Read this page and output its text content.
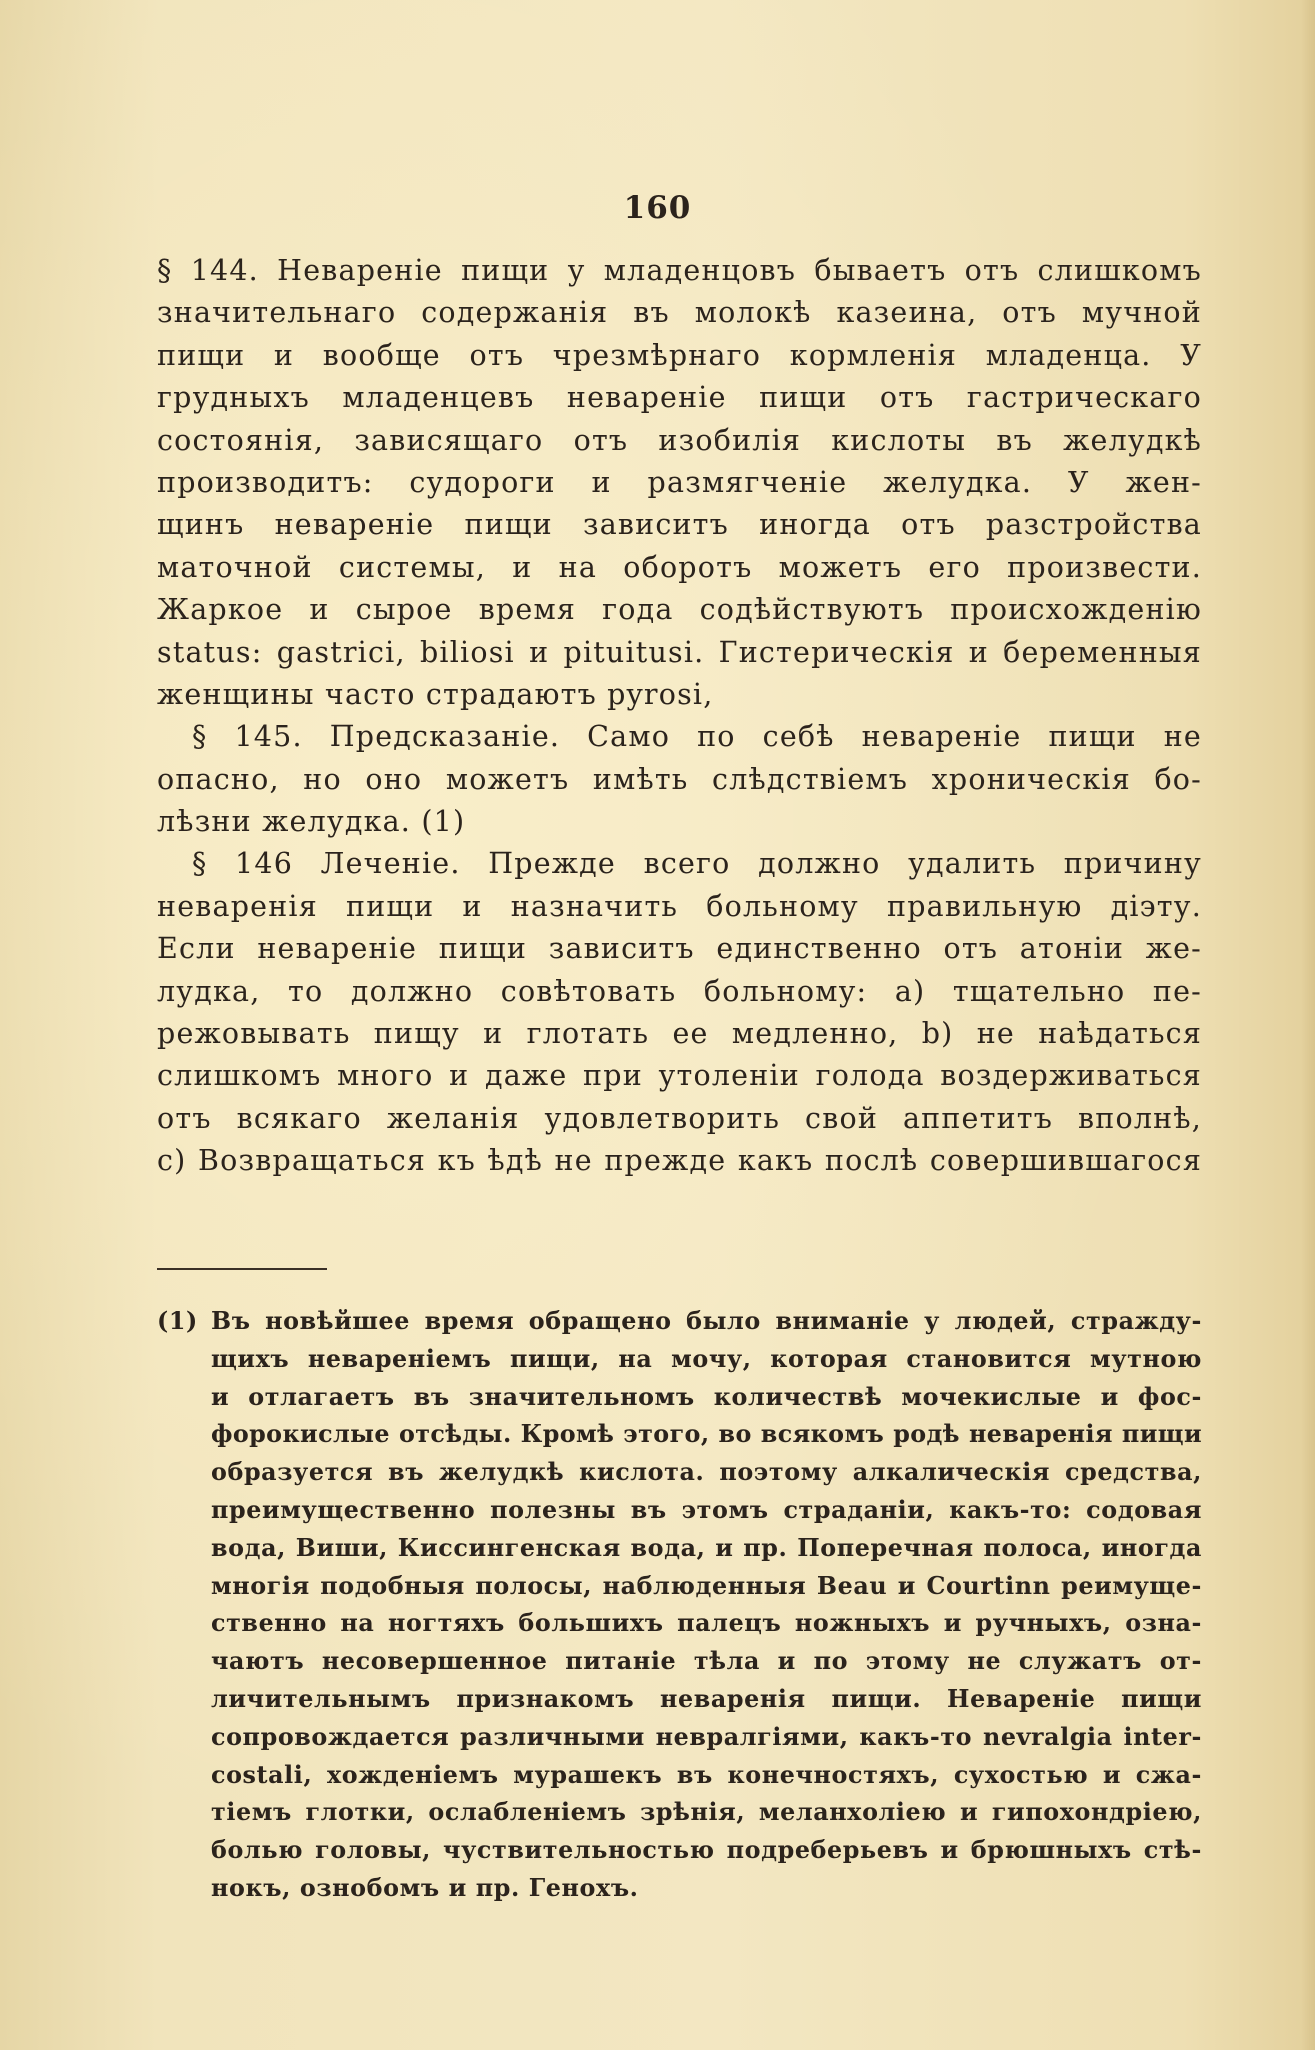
160
§ 144. Невареніе пищи у младенцовъ бываетъ отъ слишкомъ
значительнаго содержанія въ молокѣ казеина, отъ мучной
пищи и вообще отъ чрезмѣрнаго кормленія младенца. У
грудныхъ младенцевъ невареніе пищи отъ гастрическаго
состоянія, зависящаго отъ изобилія кислоты въ желудкѣ
производитъ: судороги и размягченіе желудка. У жен-
щинъ невареніе пищи зависитъ иногда отъ разстройства
маточной системы, и на оборотъ можетъ его произвести.
Жаркое и сырое время года содѣйствуютъ происхожденію
status: gastrici, biliosi и pituitusi. Гистерическія и беременныя
женщины часто страдаютъ pyrosi,
§ 145. Предсказаніе. Само по себѣ невареніе пищи не
опасно, но оно можетъ имѣть слѣдствіемъ хроническія бо-
лѣзни желудка. (1)
§ 146 Леченіе. Прежде всего должно удалить причину
неваренія пищи и назначить больному правильную діэту.
Если невареніе пищи зависитъ единственно отъ атоніи же-
лудка, то должно совѣтовать больному: а) тщательно пе-
режовывать пищу и глотать ее медленно, b) не наѣдаться
слишкомъ много и даже при утоленіи голода воздерживаться
отъ всякаго желанія удовлетворить свой аппетитъ вполнѣ,
с) Возвращаться къ ѣдѣ не прежде какъ послѣ совершившагося
(1) Въ новѣйшее время обращено было вниманіе у людей, стражду-
щихъ невареніемъ пищи, на мочу, которая становится мутною
и отлагаетъ въ значительномъ количествѣ мочекислые и фос-
форокислые отсѣды. Кромѣ этого, во всякомъ родѣ неваренія пищи
образуется въ желудкѣ кислота. поэтому алкалическія средства,
преимущественно полезны въ этомъ страданіи, какъ-то: содовая
вода, Виши, Киссингенская вода, и пр. Поперечная полоса, иногда
многія подобныя полосы, наблюденныя Beau и Courtinn реимуще-
ственно на ногтяхъ большихъ палецъ ножныхъ и ручныхъ, озна-
чаютъ несовершенное питаніе тѣла и по этому не служатъ от-
личительнымъ признакомъ неваренія пищи. Невареніе пищи
сопровождается различными невралгіями, какъ-то nevralgia inter-
costali, хожденіемъ мурашекъ въ конечностяхъ, сухостью и сжа-
тіемъ глотки, ослабленіемъ зрѣнія, меланхоліею и гипохондріею,
болью головы, чуствительностью подреберьевъ и брюшныхъ стѣ-
нокъ, ознобомъ и пр. Генохъ.
